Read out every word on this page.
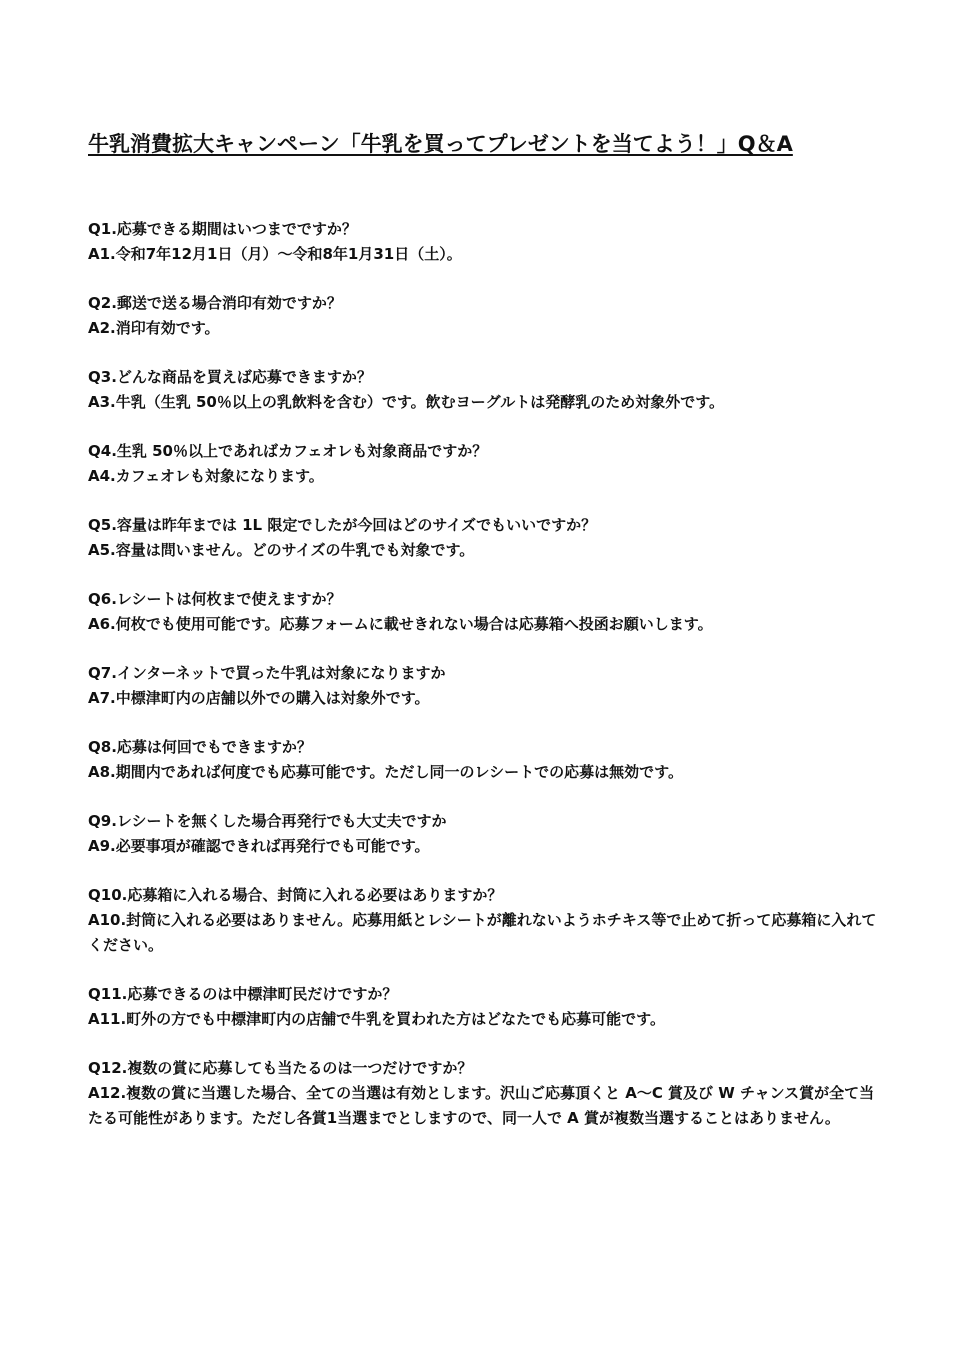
牛乳消費拡大キャンペーン「牛乳を買ってプレゼントを当てよう！」Q＆A

Q1.応募できる期間はいつまでですか？

A1.令和7年12月1日（月）～令和8年1月31日（土）。

Q2.郵送で送る場合消印有効ですか？

A2.消印有効です。

Q3.どんな商品を買えば応募できますか？

A3.牛乳（生乳 50％以上の乳飲料を含む）です。飲むヨーグルトは発酵乳のため対象外です。

Q4.生乳 50％以上であればカフェオレも対象商品ですか？

A4.カフェオレも対象になります。

Q5.容量は昨年までは 1L 限定でしたが今回はどのサイズでもいいですか？

A5.容量は問いません。どのサイズの牛乳でも対象です。

Q6.レシートは何枚まで使えますか？

A6.何枚でも使用可能です。応募フォームに載せきれない場合は応募箱へ投函お願いします。

Q7.インターネットで買った牛乳は対象になりますか

A7.中標津町内の店舗以外での購入は対象外です。

Q8.応募は何回でもできますか？

A8.期間内であれば何度でも応募可能です。ただし同一のレシートでの応募は無効です。

Q9.レシートを無くした場合再発行でも大丈夫ですか

A9.必要事項が確認できれば再発行でも可能です。

Q10.応募箱に入れる場合、封筒に入れる必要はありますか？

A10.封筒に入れる必要はありません。応募用紙とレシートが離れないようホチキス等で止めて折って応募箱に入れてください。

Q11.応募できるのは中標津町民だけですか？

A11.町外の方でも中標津町内の店舗で牛乳を買われた方はどなたでも応募可能です。

Q12.複数の賞に応募しても当たるのは一つだけですか？

A12.複数の賞に当選した場合、全ての当選は有効とします。沢山ご応募頂くと A～C 賞及び W チャンス賞が全て当たる可能性があります。ただし各賞1当選までとしますので、同一人で A 賞が複数当選することはありません。
